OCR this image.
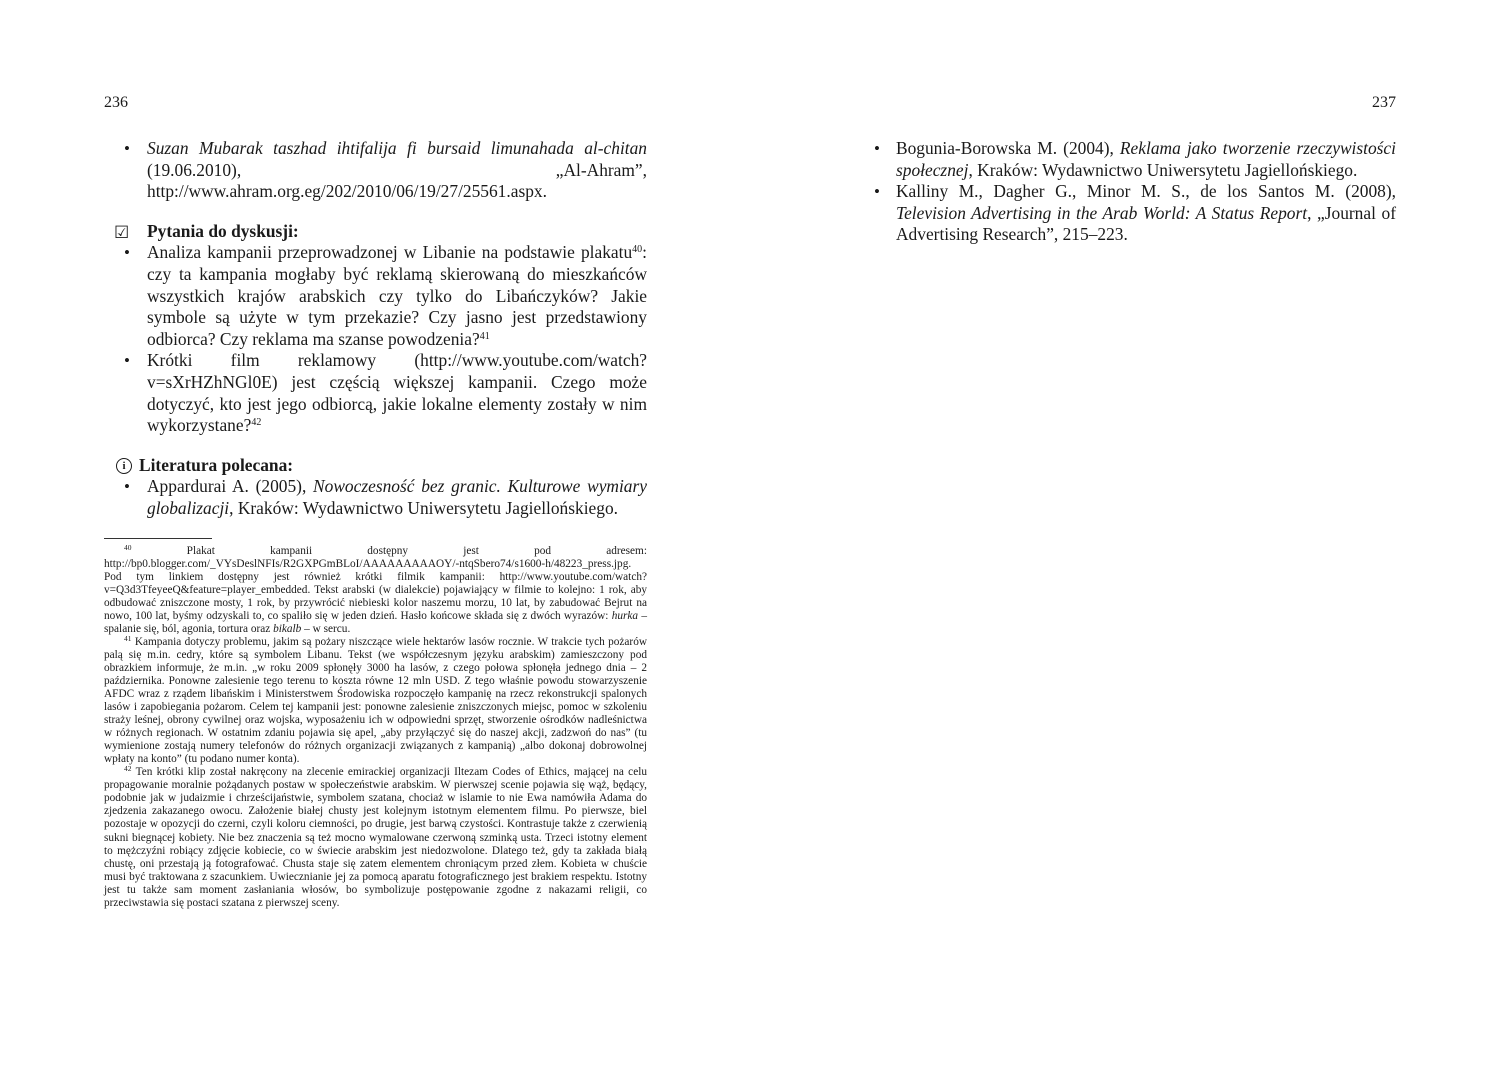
236	237
• Suzan Mubarak taszhad ihtifalija fi bursaid limunahada al-chitan (19.06.2010), „Al-Ahram”, http://www.ahram.org.eg/202/2010/06/19/27/25561.aspx.
☑ Pytania do dyskusji:
• Analiza kampanii przeprowadzonej w Libanie na podstawie plakatu$^{40}$: czy ta kampania mogłaby być reklamą skierowaną do mieszkańców wszystkich krajów arabskich czy tylko do Libańczyków? Jakie symbole są użyte w tym przekazie? Czy jasno jest przedstawiony odbiorca? Czy reklama ma szanse powodzenia?$^{41}$
• Krótki film reklamowy (http://www.youtube.com/watch?v=sXrHZhNGl0E) jest częścią większej kampanii. Czego może dotyczyć, kto jest jego odbiorcą, jakie lokalne elementy zostały w nim wykorzystane?$^{42}$
i Literatura polecana:
• Appardurai A. (2005), Nowoczesność bez granic. Kulturowe wymiary globalizacji, Kraków: Wydawnictwo Uniwersytetu Jagiellońskiego.

$^{40}$	Plakat kampanii dostępny jest pod adresem: http://bp0.blogger.com/_VYsDeslNFIs/R2GXPGmBLoI/AAAAAAAAAOY/-ntqSbero74/s1600-h/48223_press.jpg. Pod tym linkiem dostępny jest również krótki filmik kampanii: http://www.youtube.com/watch?v=Q3d3TfeyeeQ&feature=player_embedded. Tekst arabski (w dialekcie) pojawiający w filmie to kolejno: 1 rok, aby odbudować zniszczone mosty, 1 rok, by przywrócić niebieski kolor naszemu morzu, 10 lat, by zabudować Bejrut na nowo, 100 lat, byśmy odzyskali to, co spaliło się w jeden dzień. Hasło końcowe składa się z dwóch wyrazów: hurka – spalanie się, ból, agonia, tortura oraz bikalb – w sercu.

$^{41}$ Kampania dotyczy problemu, jakim są pożary niszczące wiele hektarów lasów rocznie. W trakcie tych pożarów palą się m.in. cedry, które są symbolem Libanu. Tekst (we współczesnym języku arabskim) zamieszczony pod obrazkiem informuje, że m.in. „w roku 2009 spłonęły 3000 ha lasów, z czego połowa spłonęła jednego dnia – 2 października. Ponowne zalesienie tego terenu to koszta równe 12 mln USD. Z tego właśnie powodu stowarzyszenie AFDC wraz z rządem libańskim i Ministerstwem Środowiska rozpoczęło kampanię na rzecz rekonstrukcji spalonych lasów i zapobiegania pożarom. Celem tej kampanii jest: ponowne zalesienie zniszczonych miejsc, pomoc w szkoleniu straży leśnej, obrony cywilnej oraz wojska, wyposażeniu ich w odpowiedni sprzęt, stworzenie ośrodków nadleśnictwa w różnych regionach. W ostatnim zdaniu pojawia się apel, „aby przyłączyć się do naszej akcji, zadzwoń do nas” (tu wymienione zostają numery telefonów do różnych organizacji związanych z kampanią) „albo dokonaj dobrowolnej wpłaty na konto” (tu podano numer konta).

$^{42}$ Ten krótki klip został nakręcony na zlecenie emirackiej organizacji Iltezam Codes of Ethics, mającej na celu propagowanie moralnie pożądanych postaw w społeczeństwie arabskim. W pierwszej scenie pojawia się wąż, będący, podobnie jak w judaizmie i chrześcijaństwie, symbolem szatana, chociaż w islamie to nie Ewa namówiła Adama do zjedzenia zakazanego owocu. Założenie białej chusty jest kolejnym istotnym elementem filmu. Po pierwsze, biel pozostaje w opozycji do czerni, czyli koloru ciemności, po drugie, jest barwą czystości. Kontrastuje także z czerwienią sukni biegnącej kobiety. Nie bez znaczenia są też mocno wymalowane czerwoną szminką usta. Trzeci istotny element to mężczyźni robiący zdjęcie kobiecie, co w świecie arabskim jest niedozwolone. Dlatego też, gdy ta zakłada białą chustę, oni przestają ją fotografować. Chusta staje się zatem elementem chroniącym przed złem. Kobieta w chuście musi być traktowana z szacunkiem. Uwiecznianie jej za pomocą aparatu fotograficznego jest brakiem respektu. Istotny jest tu także sam moment zasłaniania włosów, bo symbolizuje postępowanie zgodne z nakazami religii, co przeciwstawia się postaci szatana z pierwszej sceny.

• Bogunia-Borowska M. (2004), Reklama jako tworzenie rzeczywistości społecznej, Kraków: Wydawnictwo Uniwersytetu Jagiellońskiego.
• Kalliny M., Dagher G., Minor M. S., de los Santos M. (2008), Television Advertising in the Arab World: A Status Report, „Journal of Advertising Research”, 215–223.
